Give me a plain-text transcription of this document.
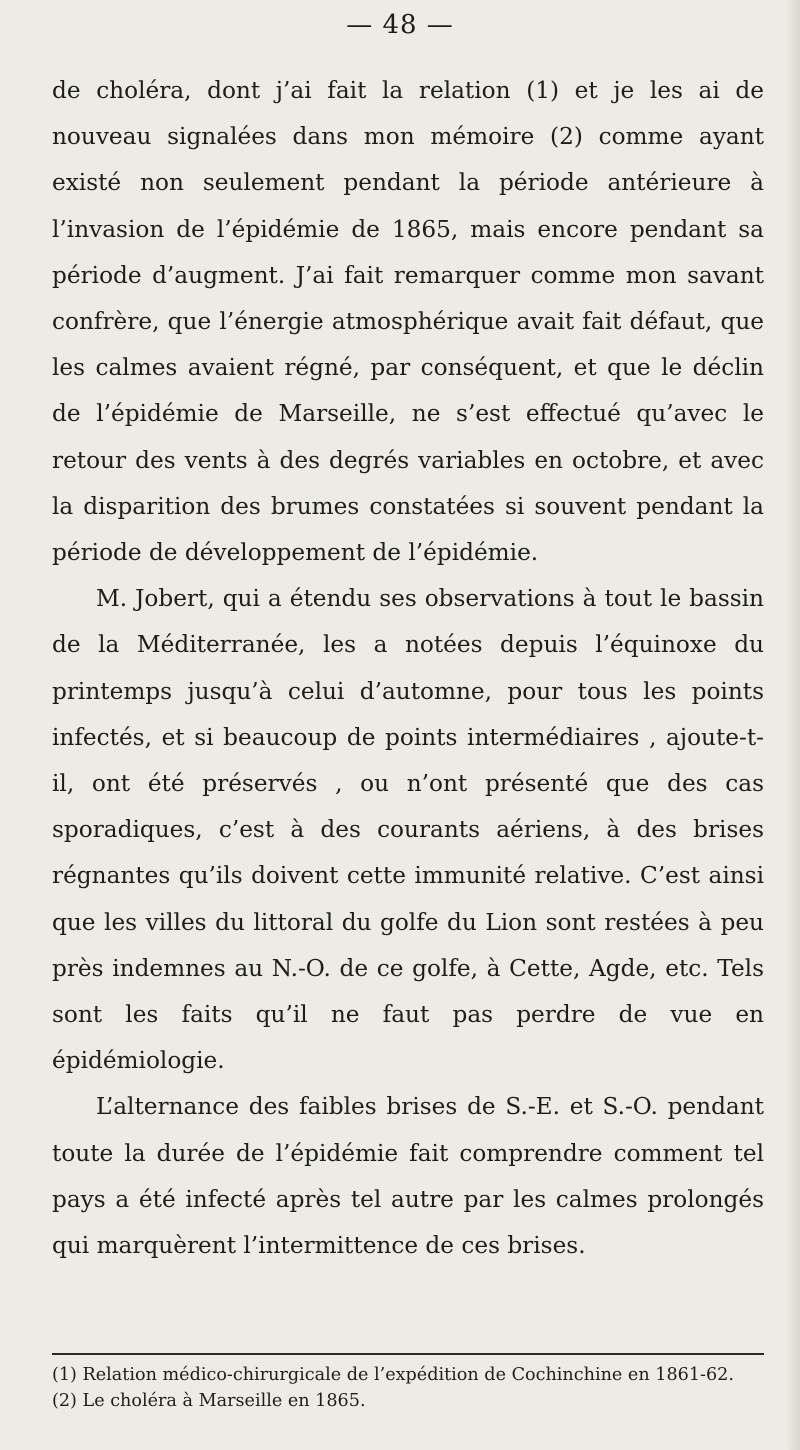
— 48 —

de choléra, dont j’ai fait la relation (1) et je les ai de nouveau signalées dans mon mémoire (2) comme ayant existé non seulement pendant la période antérieure à l’invasion de l’épidémie de 1865, mais encore pendant sa période d’augment. J’ai fait remarquer comme mon savant confrère, que l’énergie atmosphérique avait fait défaut, que les calmes avaient régné, par conséquent, et que le déclin de l’épidémie de Marseille, ne s’est effectué qu’avec le retour des vents à des degrés variables en octobre, et avec la disparition des brumes constatées si souvent pendant la période de développement de l’épidémie.

M. Jobert, qui a étendu ses observations à tout le bassin de la Méditerranée, les a notées depuis l’équinoxe du printemps jusqu’à celui d’automne, pour tous les points infectés, et si beaucoup de points intermédiaires , ajoute-t-il, ont été préservés , ou n’ont présenté que des cas sporadiques, c’est à des courants aériens, à des brises régnantes qu’ils doivent cette immunité relative. C’est ainsi que les villes du littoral du golfe du Lion sont restées à peu près indemnes au N.-O. de ce golfe, à Cette, Agde, etc. Tels sont les faits qu’il ne faut pas perdre de vue en épidémiologie.

L’alternance des faibles brises de S.-E. et S.-O. pendant toute la durée de l’épidémie fait comprendre comment tel pays a été infecté après tel autre par les calmes prolongés qui marquèrent l’intermittence de ces brises.

(1) Relation médico-chirurgicale de l’expédition de Cochinchine en 1861-62.
(2) Le choléra à Marseille en 1865.
